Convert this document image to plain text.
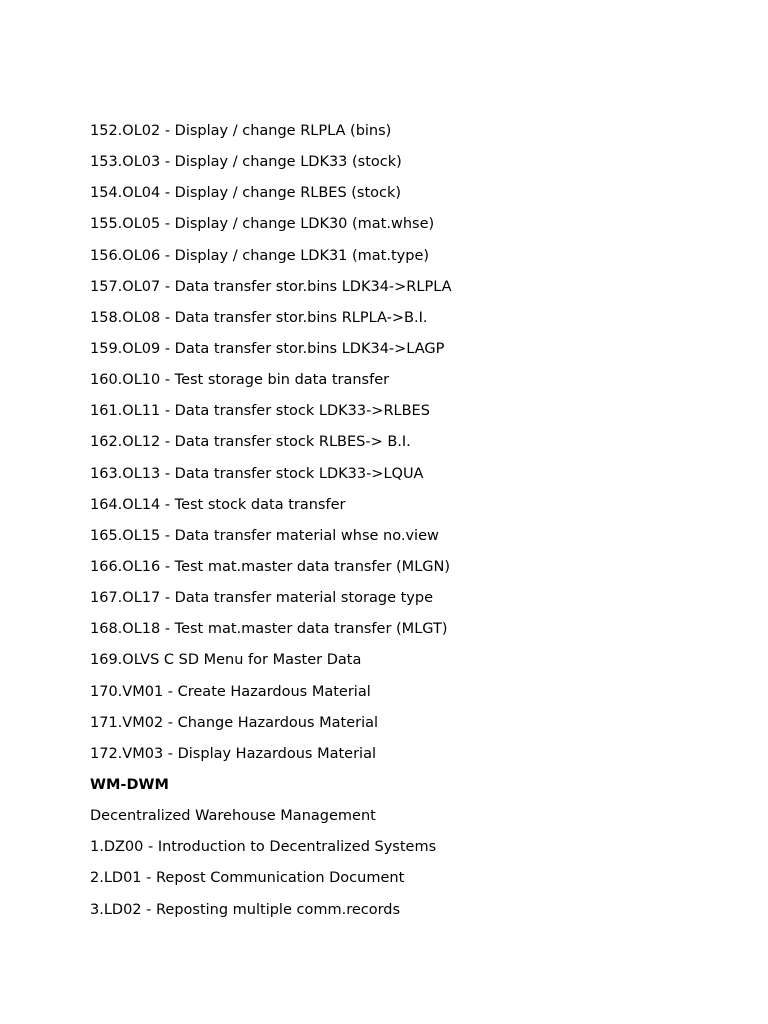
152.OL02 - Display / change RLPLA (bins)
153.OL03 - Display / change LDK33 (stock)
154.OL04 - Display / change RLBES (stock)
155.OL05 - Display / change LDK30 (mat.whse)
156.OL06 - Display / change LDK31 (mat.type)
157.OL07 - Data transfer stor.bins LDK34->RLPLA
158.OL08 - Data transfer stor.bins RLPLA->B.I.
159.OL09 - Data transfer stor.bins LDK34->LAGP
160.OL10 - Test storage bin data transfer
161.OL11 - Data transfer stock LDK33->RLBES
162.OL12 - Data transfer stock RLBES-> B.I.
163.OL13 - Data transfer stock LDK33->LQUA
164.OL14 - Test stock data transfer
165.OL15 - Data transfer material whse no.view
166.OL16 - Test mat.master data transfer (MLGN)
167.OL17 - Data transfer material storage type
168.OL18 - Test mat.master data transfer (MLGT)
169.OLVS C SD Menu for Master Data
170.VM01 - Create Hazardous Material
171.VM02 - Change Hazardous Material
172.VM03 - Display Hazardous Material
WM-DWM
Decentralized Warehouse Management
1.DZ00 - Introduction to Decentralized Systems
2.LD01 - Repost Communication Document
3.LD02 - Reposting multiple comm.records
